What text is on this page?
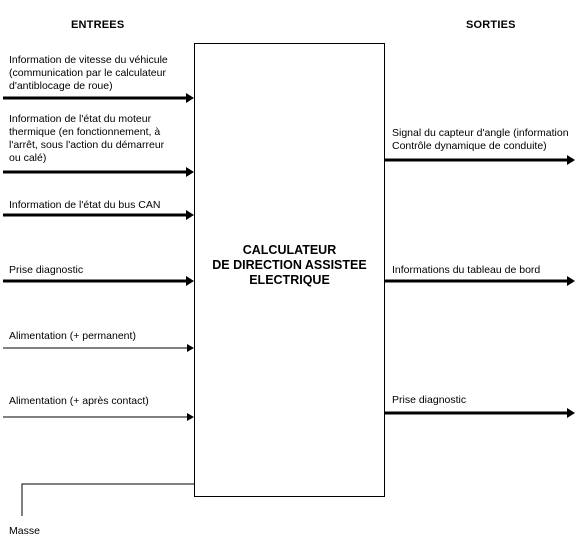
ENTREES	SORTIES
CALCULATEUR
DE DIRECTION ASSISTEE
ELECTRIQUE
Information de vitesse du véhicule
(communication par le calculateur
d'antiblocage de roue)
Information de l'état du moteur
thermique (en fonctionnement, à
l'arrêt, sous l'action du démarreur
ou calé)
Information de l'état du bus CAN
Prise diagnostic
Alimentation (+ permanent)
Alimentation (+ après contact)
Signal du capteur d'angle (information
Contrôle dynamique de conduite)
Informations du tableau de bord
Prise diagnostic
Masse
